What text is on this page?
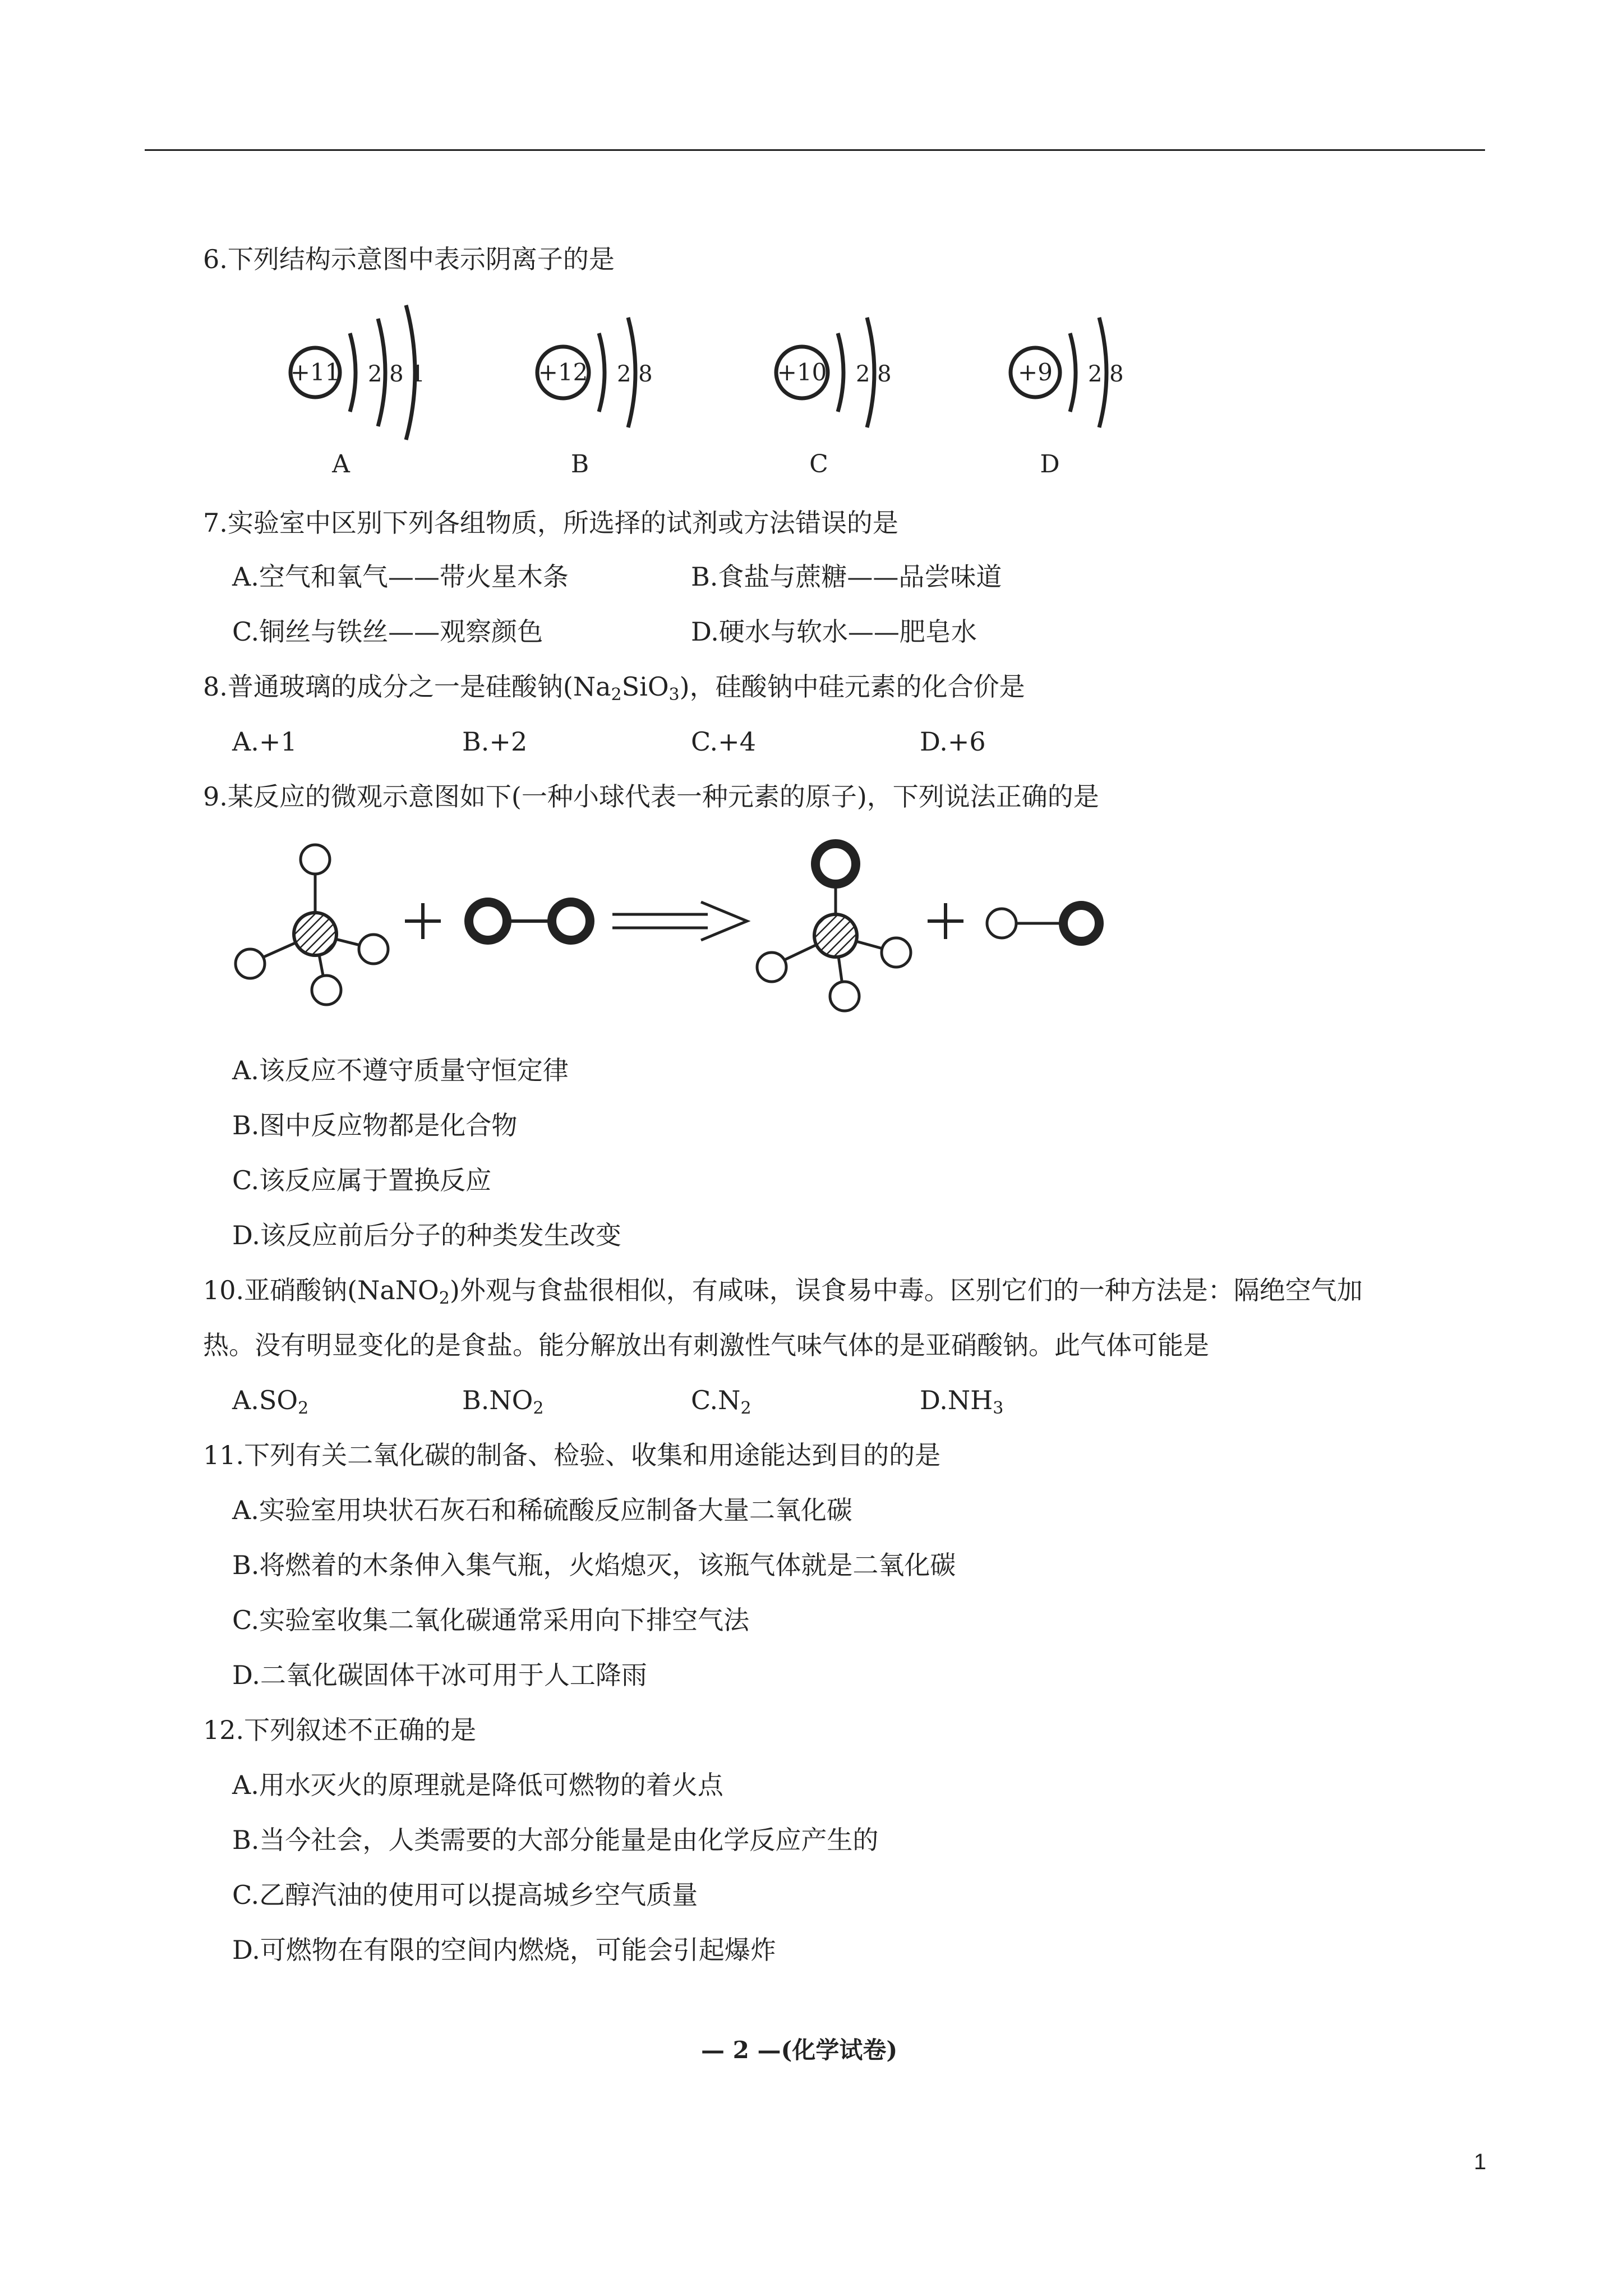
6.下列结构示意图中表示阴离子的是
+11 2 8 1	+12 2 8	+10 2 8	+9 2 8
A	B	C	D
7.实验室中区别下列各组物质，所选择的试剂或方法错误的是
A.空气和氧气——带火星木条	B.食盐与蔗糖——品尝味道
C.铜丝与铁丝——观察颜色	D.硬水与软水——肥皂水
8.普通玻璃的成分之一是硅酸钠$(Na_2SiO_3)$，硅酸钠中硅元素的化合价是
A.+1	B.+2	C.+4	D.+6
9.某反应的微观示意图如下(一种小球代表一种元素的原子)，下列说法正确的是
A.该反应不遵守质量守恒定律
B.图中反应物都是化合物
C.该反应属于置换反应
D.该反应前后分子的种类发生改变
10.亚硝酸钠(NaNO$_2$)外观与食盐很相似，有咸味，误食易中毒。区别它们的一种方法是：隔绝空气加
热。没有明显变化的是食盐。能分解放出有刺激性气味气体的是亚硝酸钠。此气体可能是
$A.SO_2$	$B.NO_2$	$C.N_2$	$D.NH_3$
11.下列有关二氧化碳的制备、检验、收集和用途能达到目的的是
A.实验室用块状石灰石和稀硫酸反应制备大量二氧化碳
B.将燃着的木条伸入集气瓶，火焰熄灭，该瓶气体就是二氧化碳
C.实验室收集二氧化碳通常采用向下排空气法
D.二氧化碳固体干冰可用于人工降雨
12.下列叙述不正确的是
A.用水灭火的原理就是降低可燃物的着火点
B.当今社会，人类需要的大部分能量是由化学反应产生的
C.乙醇汽油的使用可以提高城乡空气质量
D.可燃物在有限的空间内燃烧，可能会引起爆炸
— 2 —(化学试卷)
1
